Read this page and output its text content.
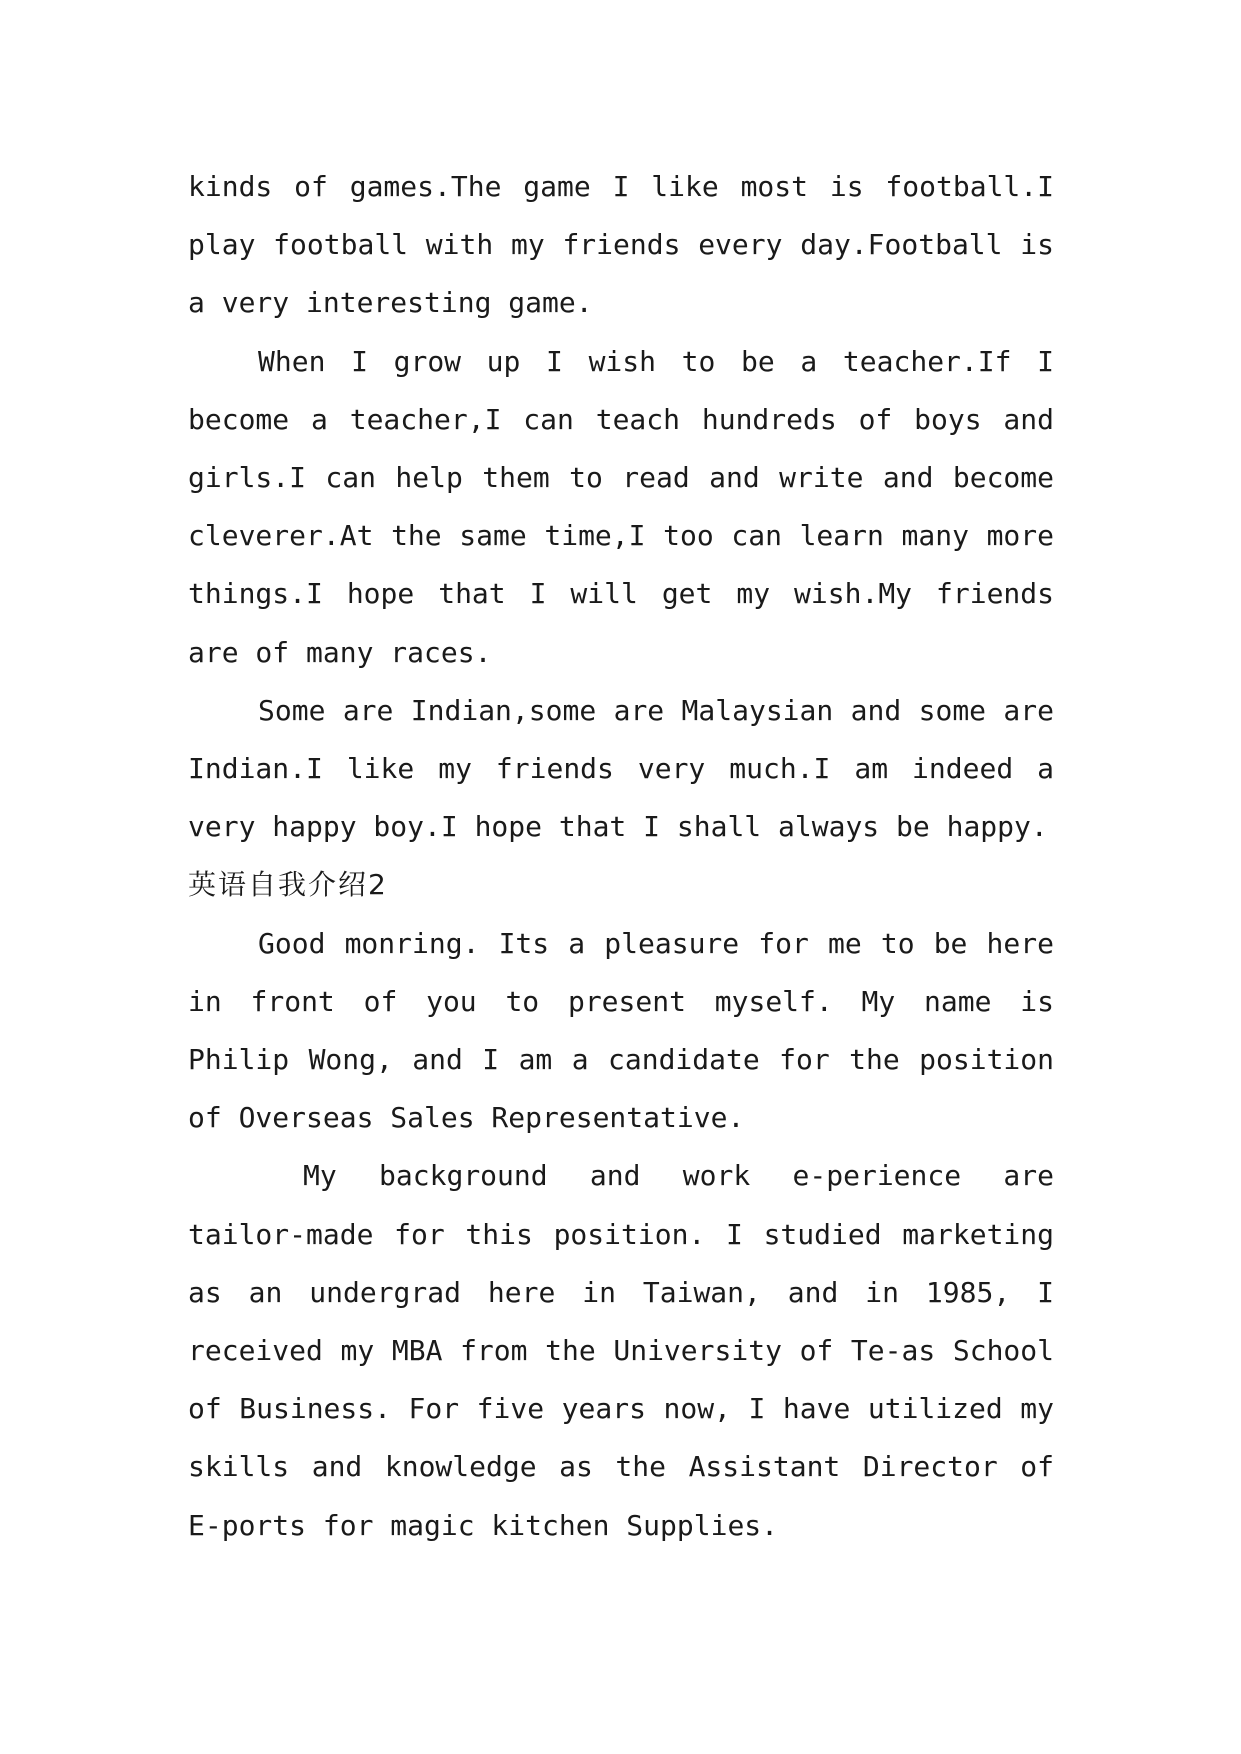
kinds of games.The game I like most is football.I play football with my friends every day.Football is a very interesting game.

When I grow up I wish to be a teacher.If I become a teacher,I can teach hundreds of boys and girls.I can help them to read and write and become cleverer.At the same time,I too can learn many more things.I hope that I will get my wish.My friends are of many races.

Some are Indian,some are Malaysian and some are Indian.I like my friends very much.I am indeed a very happy boy.I hope that I shall always be happy.

英语自我介绍2

Good monring. Its a pleasure for me to be here in front of you to present myself. My name is Philip Wong, and I am a candidate for the position of Overseas Sales Representative.

My background and work e-perience are tailor-made for this position. I studied marketing as an undergrad here in Taiwan, and in 1985, I received my MBA from the University of Te-as School of Business. For five years now, I have utilized my skills and knowledge as the Assistant Director of E-ports for magic kitchen Supplies.
